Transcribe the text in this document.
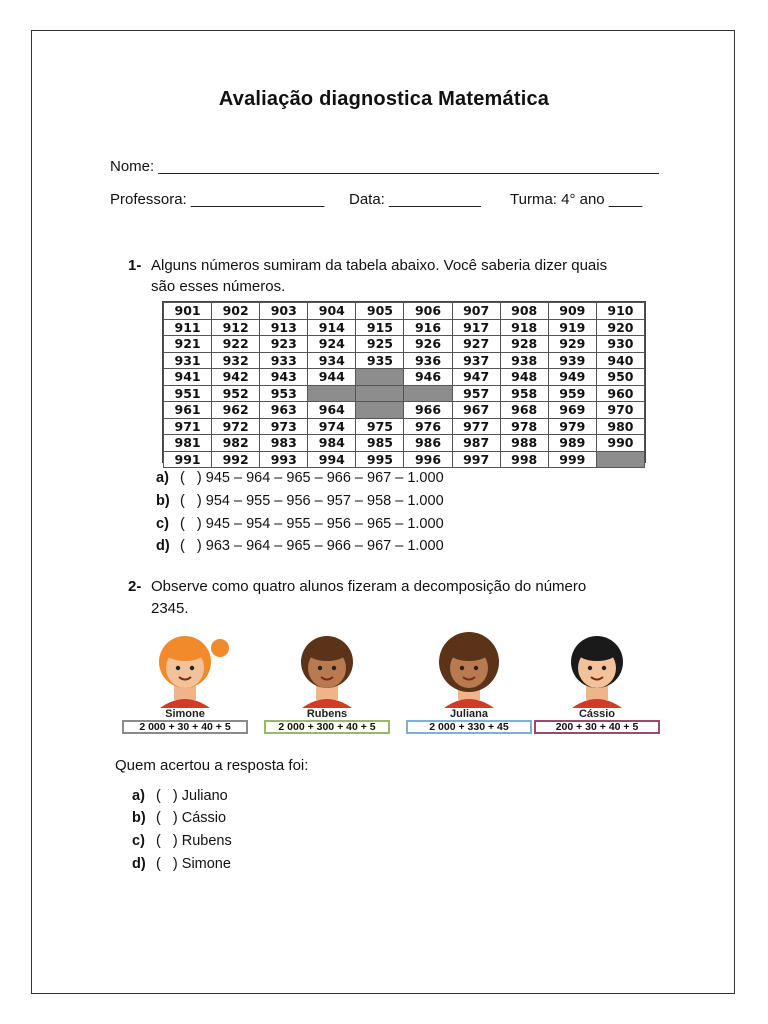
Avaliação diagnostica Matemática
Nome: ____________________________________________________________
Professora: ________________ Data: ___________ Turma: 4° ano ____
1- Alguns números sumiram da tabela abaixo. Você saberia dizer quais
são esses números.
901	902	903	904	905	906	907	908	909	910
911	912	913	914	915	916	917	918	919	920
921	922	923	924	925	926	927	928	929	930
931	932	933	934	935	936	937	938	939	940
941	942	943	944		946	947	948	949	950
951	952	953				957	958	959	960
961	962	963	964		966	967	968	969	970
971	972	973	974	975	976	977	978	979	980
981	982	983	984	985	986	987	988	989	990
991	992	993	994	995	996	997	998	999	
a) (   ) 945 – 964 – 965 – 966 – 967 – 1.000
b) (   ) 954 – 955 – 956 – 957 – 958 – 1.000
c) (   ) 945 – 954 – 955 – 956 – 965 – 1.000
d) (   ) 963 – 964 – 965 – 966 – 967 – 1.000
2- Observe como quatro alunos fizeram a decomposição do número
2345.
Simone
2 000 + 30 + 40 + 5
Rubens
2 000 + 300 + 40 + 5
Juliana
2 000 + 330 + 45
Cássio
200 + 30 + 40 + 5
Quem acertou a resposta foi:
a) (   ) Juliano
b) (   ) Cássio
c) (   ) Rubens
d) (   ) Simone
